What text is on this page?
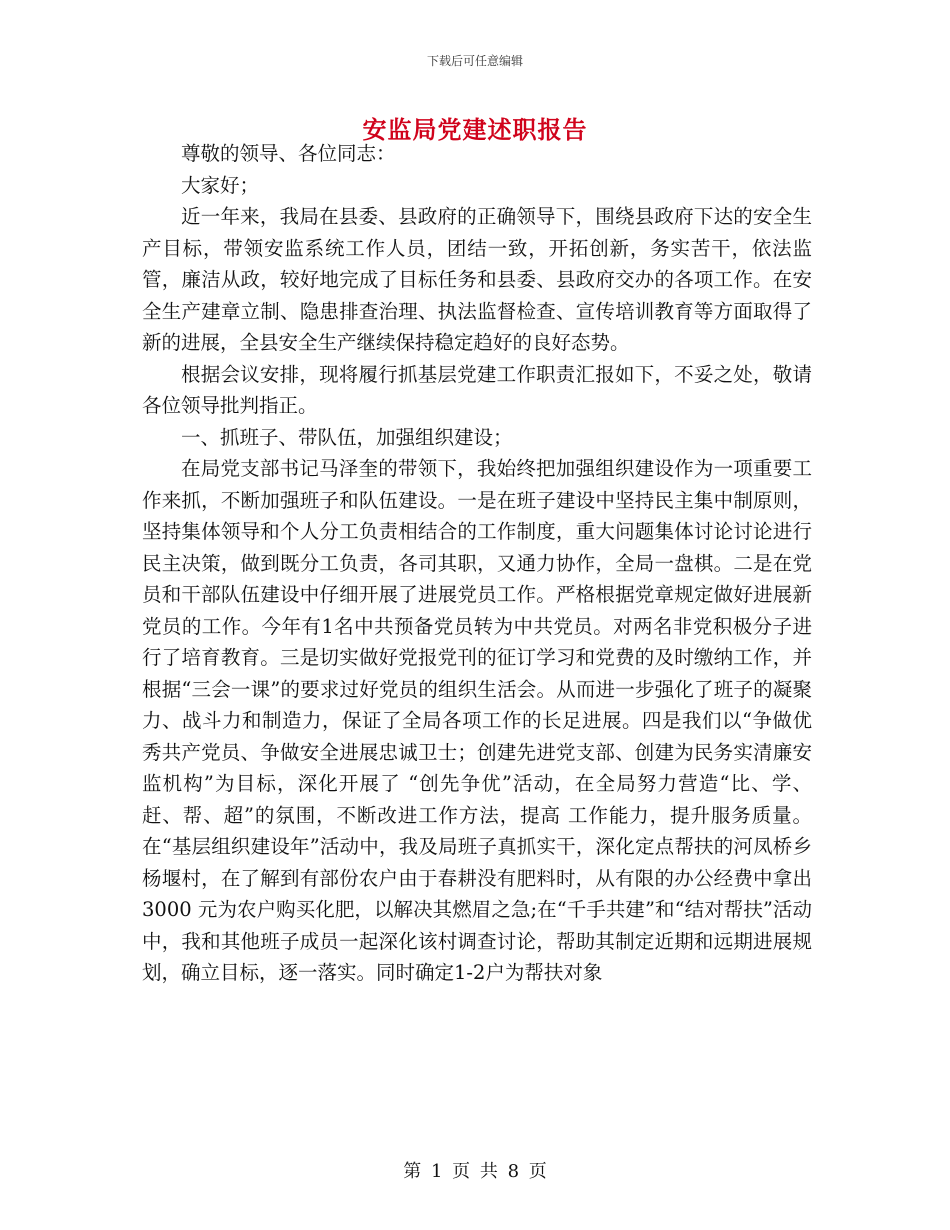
下载后可任意编辑
安监局党建述职报告

尊敬的领导、各位同志：

大家好；

近一年来，我局在县委、县政府的正确领导下，围绕县政府下达的安全生产目标，带领安监系统工作人员，团结一致，开拓创新，务实苦干，依法监管，廉洁从政，较好地完成了目标任务和县委、县政府交办的各项工作。在安全生产建章立制、隐患排查治理、执法监督检查、宣传培训教育等方面取得了新的进展，全县安全生产继续保持稳定趋好的良好态势。

根据会议安排，现将履行抓基层党建工作职责汇报如下，不妥之处，敬请各位领导批判指正。

一、抓班子、带队伍，加强组织建设；

在局党支部书记马泽奎的带领下，我始终把加强组织建设作为一项重要工作来抓，不断加强班子和队伍建设。一是在班子建设中坚持民主集中制原则，坚持集体领导和个人分工负责相结合的工作制度，重大问题集体讨论讨论进行民主决策，做到既分工负责，各司其职，又通力协作，全局一盘棋。二是在党员和干部队伍建设中仔细开展了进展党员工作。严格根据党章规定做好进展新党员的工作。今年有1名中共预备党员转为中共党员。对两名非党积极分子进行了培育教育。三是切实做好党报党刊的征订学习和党费的及时缴纳工作，并根据“三会一课”的要求过好党员的组织生活会。从而进一步强化了班子的凝聚力、战斗力和制造力，保证了全局各项工作的长足进展。四是我们以“争做优秀共产党员、争做安全进展忠诚卫士；创建先进党支部、创建为民务实清廉安监机构”为目标，深化开展了 “创先争优”活动，在全局努力营造“比、学、赶、帮、超”的氛围，不断改进工作方法，提高 工作能力，提升服务质量。在“基层组织建设年”活动中，我及局班子真抓实干，深化定点帮扶的河凤桥乡杨堰村，在了解到有部份农户由于春耕没有肥料时，从有限的办公经费中拿出3000 元为农户购买化肥，以解决其燃眉之急;在“千手共建”和“结对帮扶”活动中，我和其他班子成员一起深化该村调查讨论，帮助其制定近期和远期进展规划，确立目标，逐一落实。同时确定1-2户为帮扶对象

第 1 页 共 8 页
